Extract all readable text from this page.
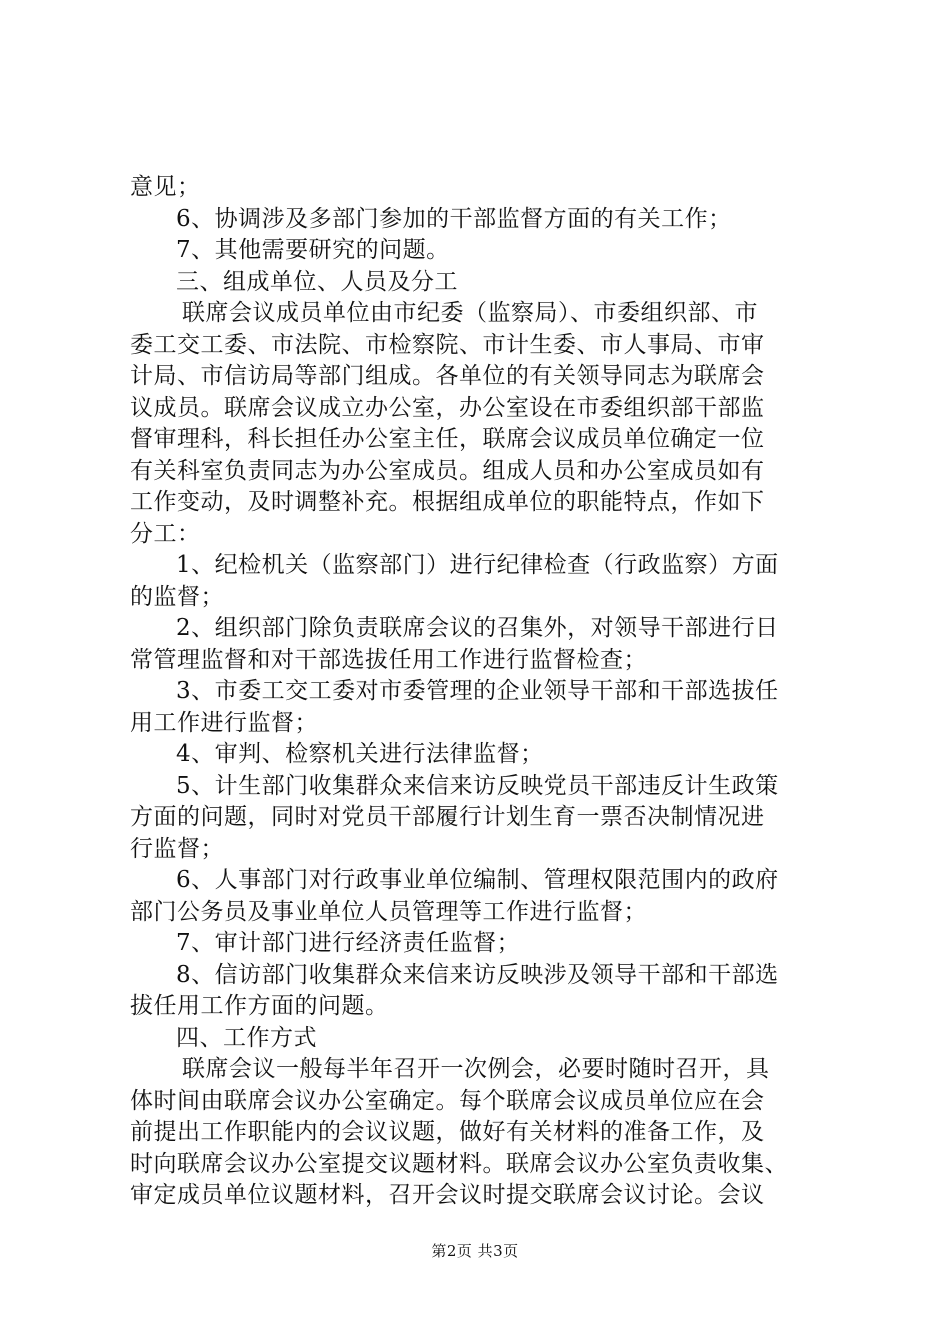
意见；
6、协调涉及多部门参加的干部监督方面的有关工作；
7、其他需要研究的问题。
三、组成单位、人员及分工
联席会议成员单位由市纪委（监察局）、市委组织部、市
委工交工委、市法院、市检察院、市计生委、市人事局、市审
计局、市信访局等部门组成。各单位的有关领导同志为联席会
议成员。联席会议成立办公室，办公室设在市委组织部干部监
督审理科，科长担任办公室主任，联席会议成员单位确定一位
有关科室负责同志为办公室成员。组成人员和办公室成员如有
工作变动，及时调整补充。根据组成单位的职能特点，作如下
分工：
1、纪检机关（监察部门）进行纪律检查（行政监察）方面
的监督；
2、组织部门除负责联席会议的召集外，对领导干部进行日
常管理监督和对干部选拔任用工作进行监督检查；
3、市委工交工委对市委管理的企业领导干部和干部选拔任
用工作进行监督；
4、审判、检察机关进行法律监督；
5、计生部门收集群众来信来访反映党员干部违反计生政策
方面的问题，同时对党员干部履行计划生育一票否决制情况进
行监督；
6、人事部门对行政事业单位编制、管理权限范围内的政府
部门公务员及事业单位人员管理等工作进行监督；
7、审计部门进行经济责任监督；
8、信访部门收集群众来信来访反映涉及领导干部和干部选
拔任用工作方面的问题。
四、工作方式
联席会议一般每半年召开一次例会，必要时随时召开，具
体时间由联席会议办公室确定。每个联席会议成员单位应在会
前提出工作职能内的会议议题，做好有关材料的准备工作，及
时向联席会议办公室提交议题材料。联席会议办公室负责收集、
审定成员单位议题材料，召开会议时提交联席会议讨论。会议
第2页 共3页
